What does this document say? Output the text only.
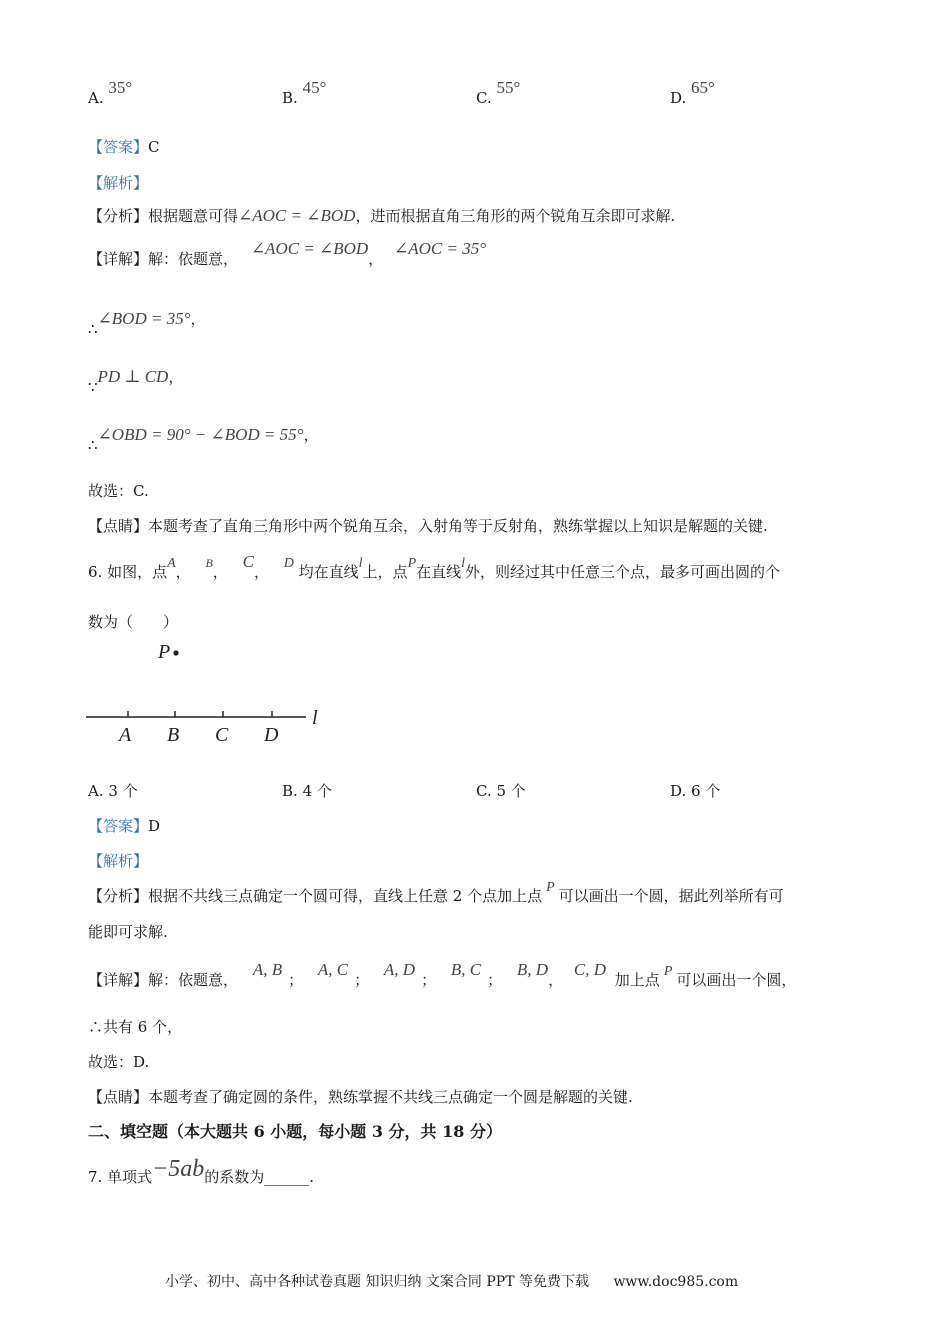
A. 35°
B. 45°
C. 55°
D. 65°
【答案】C
【解析】
【分析】根据题意可得∠AOC = ∠BOD，进而根据直角三角形的两个锐角互余即可求解.
【详解】解：依题意， ∠AOC = ∠BOD， ∠AOC = 35°
∴∠BOD = 35°，
∵PD ⊥ CD，
∴∠OBD = 90° − ∠BOD = 55°，
故选：C.
【点睛】本题考查了直角三角形中两个锐角互余，入射角等于反射角，熟练掌握以上知识是解题的关键.
6. 如图，点A， $^B$， C， D 均在直线l上，点P在直线l外，则经过其中任意三个点，最多可画出圆的个
数为（　　）
P
l
A B C D
A. 3 个	B. 4 个	C. 5 个	D. 6 个
【答案】D
【解析】
【分析】根据不共线三点确定一个圆可得，直线上任意 2 个点加上点 P 可以画出一个圆，据此列举所有可
能即可求解.
【详解】解：依题意， A, B； A, C； A, D； B, C； B, D， C, D 加上点 P 可以画出一个圆，
∴共有 6 个，
故选：D.
【点睛】本题考查了确定圆的条件，熟练掌握不共线三点确定一个圆是解题的关键.
二、填空题（本大题共 6 小题，每小题 3 分，共 18 分）
7. 单项式−5ab的系数为______.
小学、初中、高中各种试卷真题 知识归纳 文案合同 PPT 等免费下载 www.doc985.com
